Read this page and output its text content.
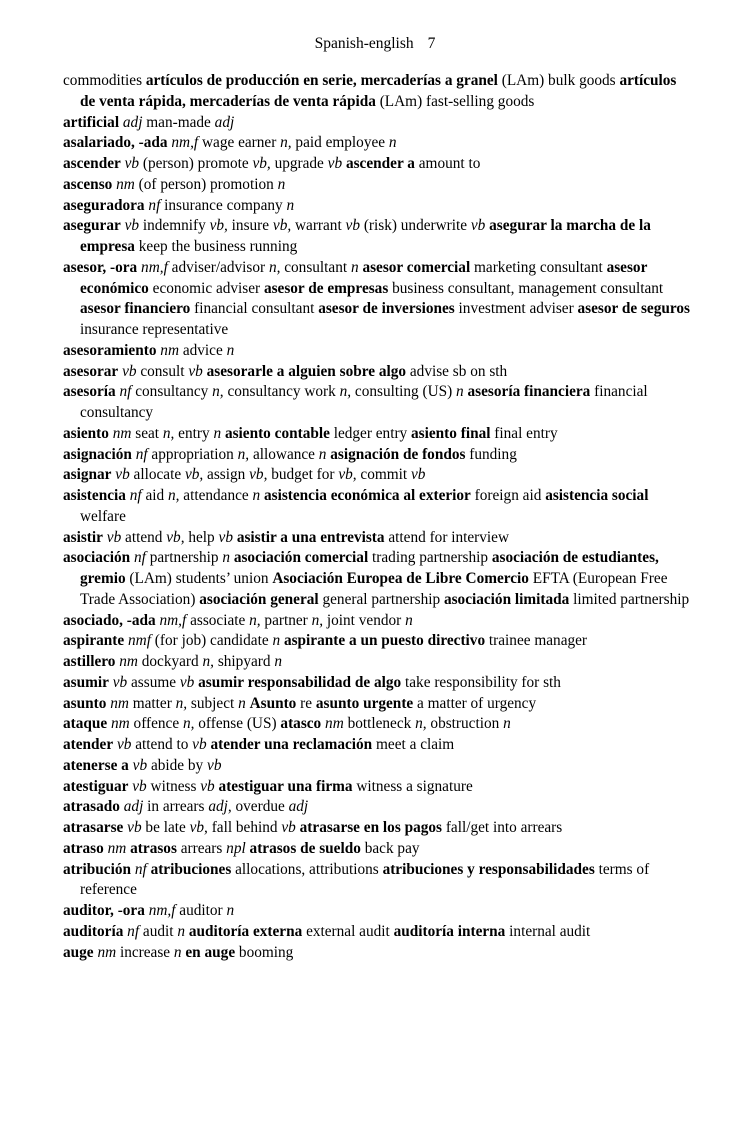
Spanish-english 7

commodities artículos de producción en serie, mercaderías a granel (LAm) bulk goods artículos de venta rápida, mercaderías de venta rápida (LAm) fast-selling goods

artificial adj man-made adj

asalariado, -ada nm,f wage earner n, paid employee n

ascender vb (person) promote vb, upgrade vb ascender a amount to

ascenso nm (of person) promotion n

aseguradora nf insurance company n

asegurar vb indemnify vb, insure vb, warrant vb (risk) underwrite vb asegurar la marcha de la empresa keep the business running

asesor, -ora nm,f adviser/advisor n, consultant n asesor comercial marketing consultant asesor económico economic adviser asesor de empresas business consultant, management consultant asesor financiero financial consultant asesor de inversiones investment adviser asesor de seguros insurance representative

asesoramiento nm advice n

asesorar vb consult vb asesorarle a alguien sobre algo advise sb on sth

asesoría nf consultancy n, consultancy work n, consulting (US) n asesoría financiera financial consultancy

asiento nm seat n, entry n asiento contable ledger entry asiento final final entry

asignación nf appropriation n, allowance n asignación de fondos funding

asignar vb allocate vb, assign vb, budget for vb, commit vb

asistencia nf aid n, attendance n asistencia económica al exterior foreign aid asistencia social welfare

asistir vb attend vb, help vb asistir a una entrevista attend for interview

asociación nf partnership n asociación comercial trading partnership asociación de estudiantes, gremio (LAm) students’ union Asociación Europea de Libre Comercio EFTA (European Free Trade Association) asociación general general partnership asociación limitada limited partnership

asociado, -ada nm,f associate n, partner n, joint vendor n

aspirante nmf (for job) candidate n aspirante a un puesto directivo trainee manager

astillero nm dockyard n, shipyard n

asumir vb assume vb asumir responsabilidad de algo take responsibility for sth

asunto nm matter n, subject n Asunto re asunto urgente a matter of urgency

ataque nm offence n, offense (US) atasco nm bottleneck n, obstruction n

atender vb attend to vb atender una reclamación meet a claim

atenerse a vb abide by vb

atestiguar vb witness vb atestiguar una firma witness a signature

atrasado adj in arrears adj, overdue adj

atrasarse vb be late vb, fall behind vb atrasarse en los pagos fall/get into arrears

atraso nm atrasos arrears npl atrasos de sueldo back pay

atribución nf atribuciones allocations, attributions atribuciones y responsabilidades terms of reference

auditor, -ora nm,f auditor n

auditoría nf audit n auditoría externa external audit auditoría interna internal audit

auge nm increase n en auge booming
